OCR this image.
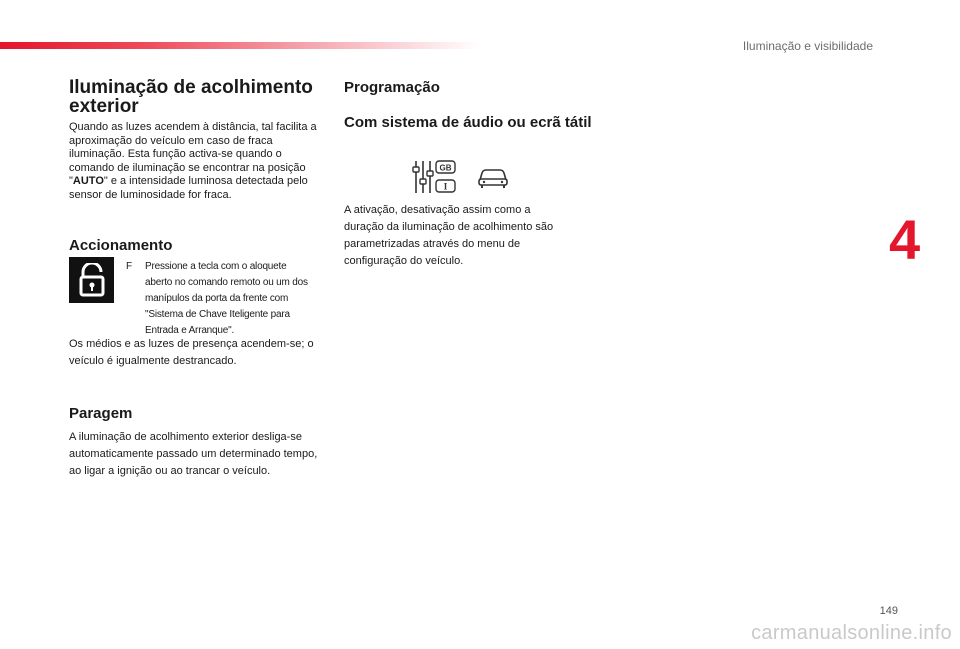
Iluminação e visibilidade
4
Iluminação de acolhimento exterior

Quando as luzes acendem à distância, tal facilita a aproximação do veículo em caso de fraca iluminação. Esta função activa-se quando o comando de iluminação se encontrar na posição "AUTO" e a intensidade luminosa detectada pelo sensor de luminosidade for fraca.

Accionamento
F Pressione a tecla com o aloquete aberto no comando remoto ou um dos manípulos da porta da frente com "Sistema de Chave Iteligente para Entrada e Arranque".

Os médios e as luzes de presença acendem-se; o veículo é igualmente destrancado.

Paragem

A iluminação de acolhimento exterior desliga-se automaticamente passado um determinado tempo, ao ligar a ignição ou ao trancar o veículo.

Programação
Com sistema de áudio ou ecrã tátil
GB
I

A ativação, desativação assim como a duração da iluminação de acolhimento são parametrizadas através do menu de configuração do veículo.

149
carmanualsonline.info
